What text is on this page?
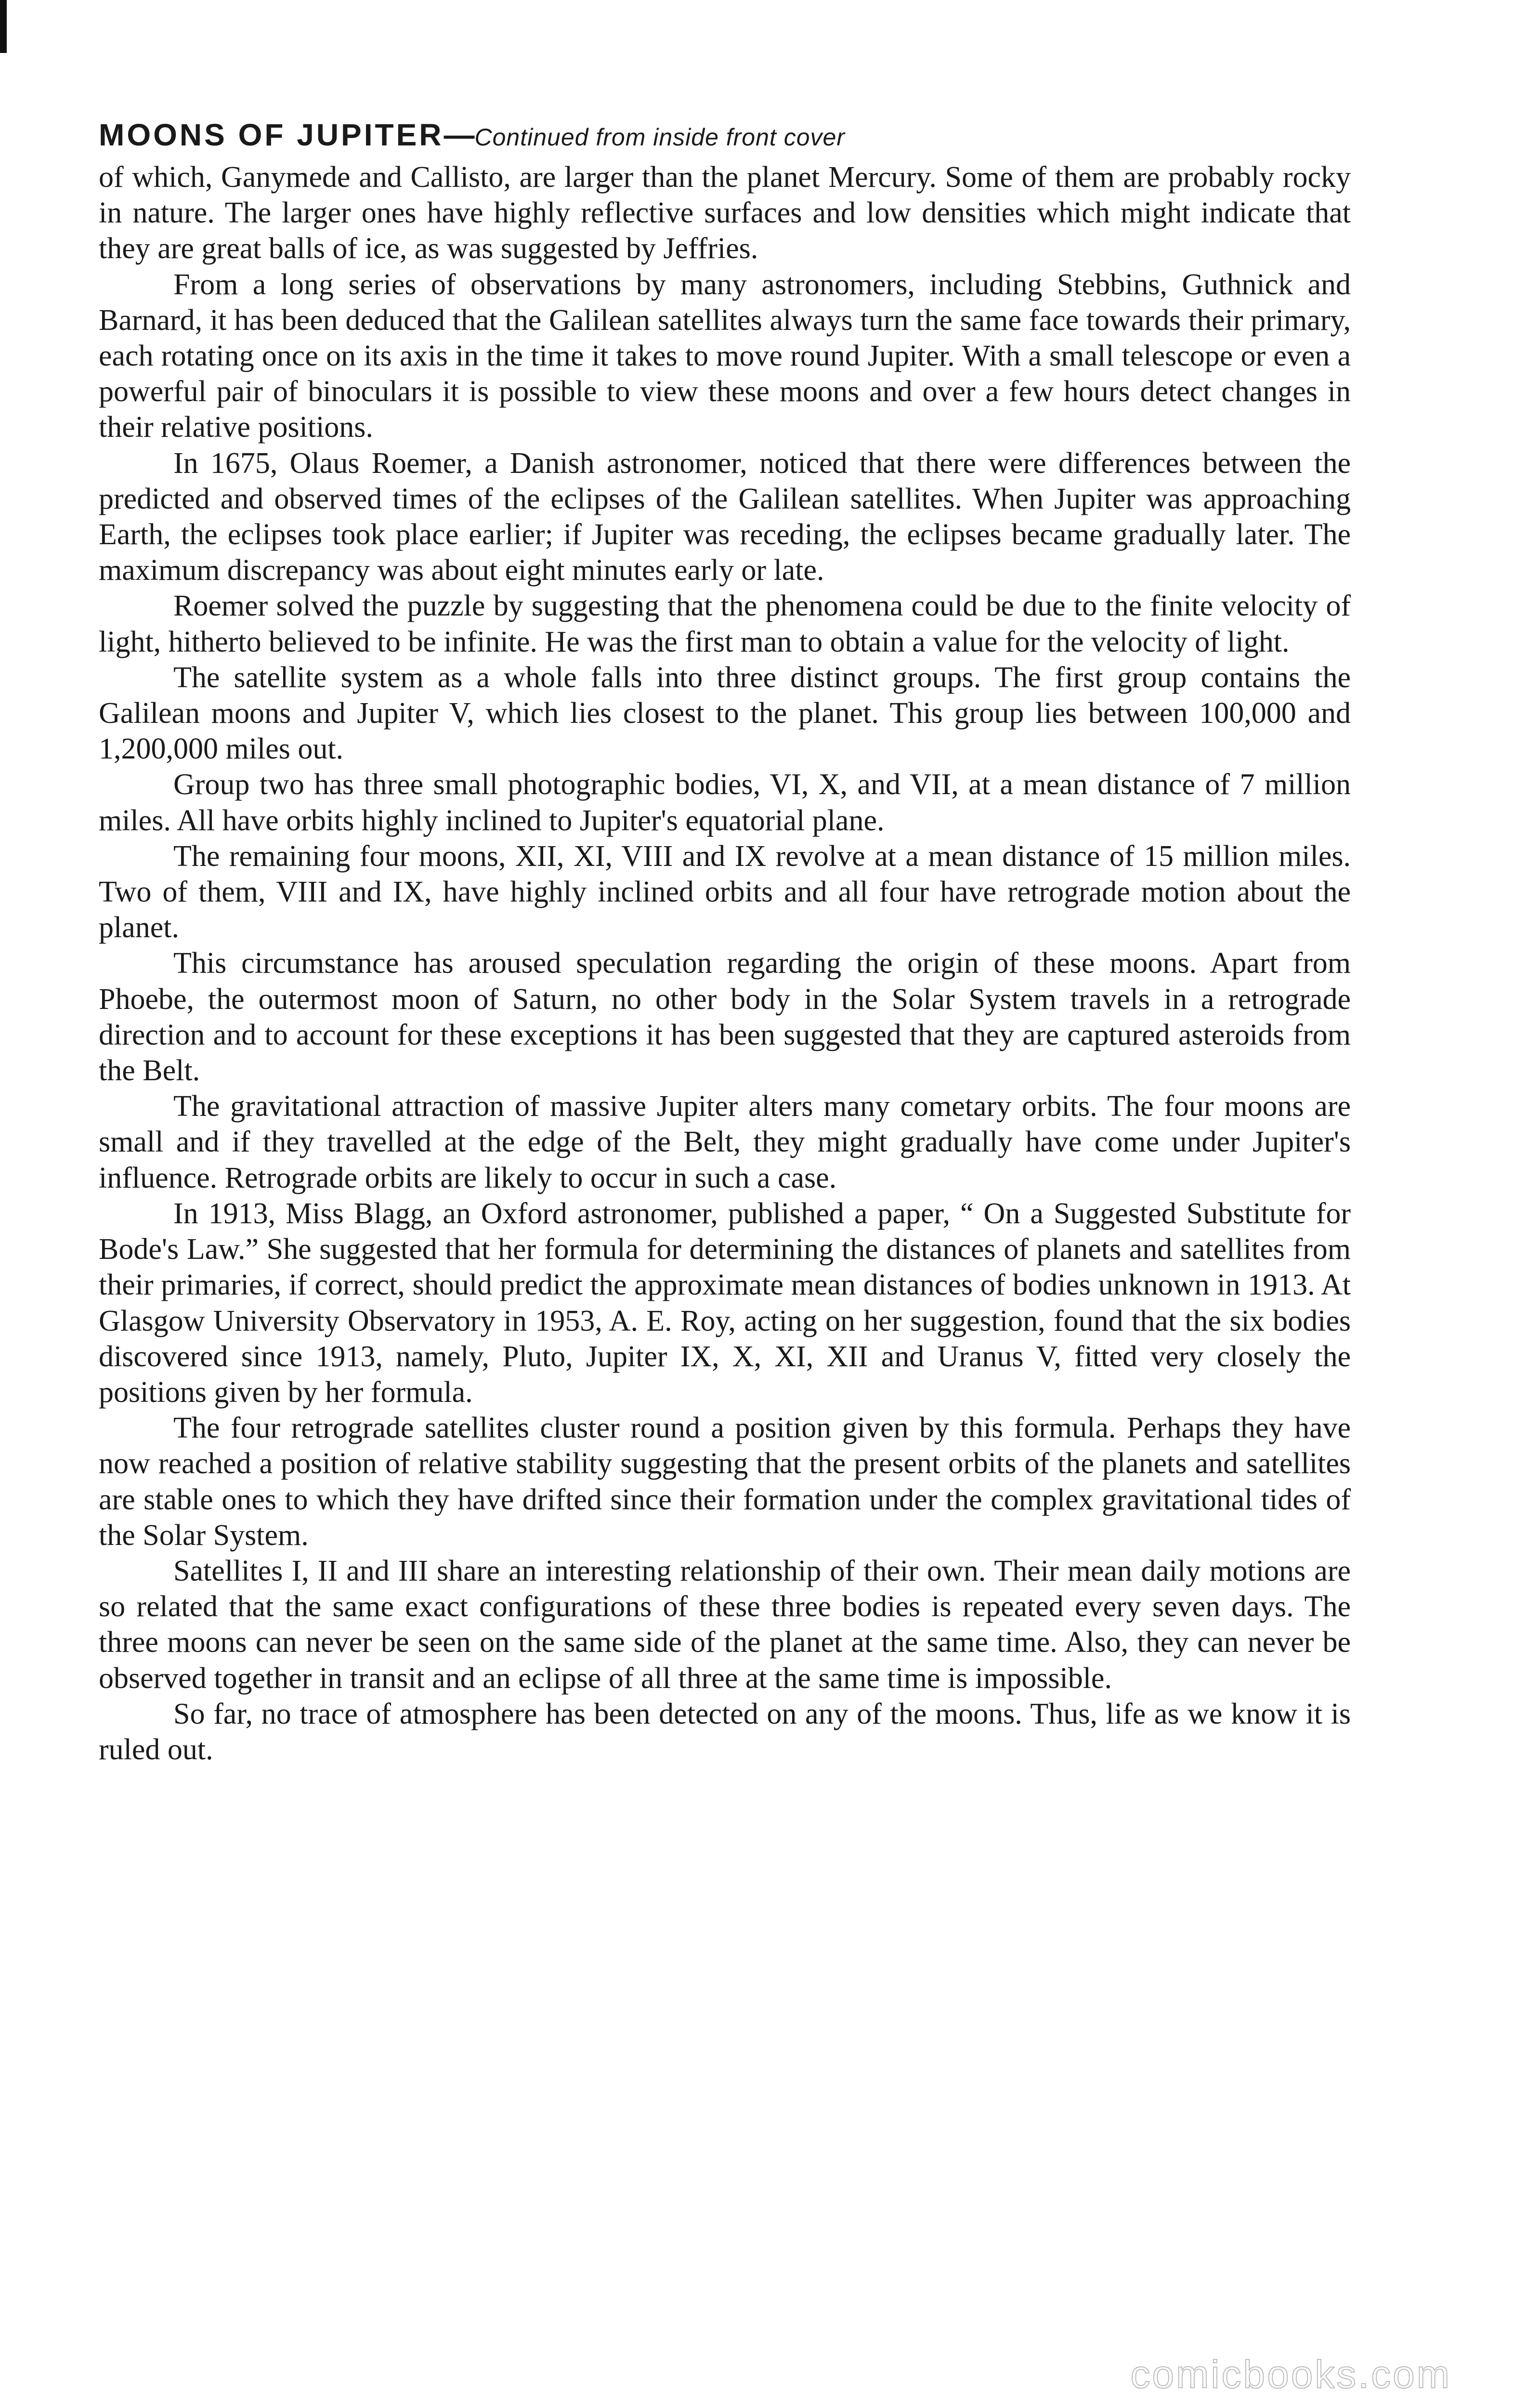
MOONS OF JUPITER—Continued from inside front cover

of which, Ganymede and Callisto, are larger than the planet Mercury. Some of them are probably rocky in nature. The larger ones have highly reflective surfaces and low densities which might indicate that they are great balls of ice, as was suggested by Jeffries.

From a long series of observations by many astronomers, including Stebbins, Guthnick and Barnard, it has been deduced that the Galilean satellites always turn the same face towards their primary, each rotating once on its axis in the time it takes to move round Jupiter. With a small telescope or even a powerful pair of binoculars it is possible to view these moons and over a few hours detect changes in their relative positions.

In 1675, Olaus Roemer, a Danish astronomer, noticed that there were differences between the predicted and observed times of the eclipses of the Galilean satellites. When Jupiter was approaching Earth, the eclipses took place earlier; if Jupiter was receding, the eclipses became gradually later. The maximum discrepancy was about eight minutes early or late.

Roemer solved the puzzle by suggesting that the phenomena could be due to the finite velocity of light, hitherto believed to be infinite. He was the first man to obtain a value for the velocity of light.

The satellite system as a whole falls into three distinct groups. The first group contains the Galilean moons and Jupiter V, which lies closest to the planet. This group lies between 100,000 and 1,200,000 miles out.

Group two has three small photographic bodies, VI, X, and VII, at a mean distance of 7 million miles. All have orbits highly inclined to Jupiter's equatorial plane.

The remaining four moons, XII, XI, VIII and IX revolve at a mean distance of 15 million miles. Two of them, VIII and IX, have highly inclined orbits and all four have retrograde motion about the planet.

This circumstance has aroused speculation regarding the origin of these moons. Apart from Phoebe, the outermost moon of Saturn, no other body in the Solar System travels in a retrograde direction and to account for these exceptions it has been suggested that they are captured asteroids from the Belt.

The gravitational attraction of massive Jupiter alters many cometary orbits. The four moons are small and if they travelled at the edge of the Belt, they might gradually have come under Jupiter's influence. Retrograde orbits are likely to occur in such a case.

In 1913, Miss Blagg, an Oxford astronomer, published a paper, “ On a Suggested Substitute for Bode's Law.” She suggested that her formula for determining the distances of planets and satellites from their primaries, if correct, should predict the approximate mean distances of bodies unknown in 1913. At Glasgow University Observatory in 1953, A. E. Roy, acting on her suggestion, found that the six bodies discovered since 1913, namely, Pluto, Jupiter IX, X, XI, XII and Uranus V, fitted very closely the positions given by her formula.

The four retrograde satellites cluster round a position given by this formula. Perhaps they have now reached a position of relative stability suggesting that the present orbits of the planets and satellites are stable ones to which they have drifted since their formation under the complex gravitational tides of the Solar System.

Satellites I, II and III share an interesting relationship of their own. Their mean daily motions are so related that the same exact configurations of these three bodies is repeated every seven days. The three moons can never be seen on the same side of the planet at the same time. Also, they can never be observed together in transit and an eclipse of all three at the same time is impossible.

So far, no trace of atmosphere has been detected on any of the moons. Thus, life as we know it is ruled out.

comicbooks.com
